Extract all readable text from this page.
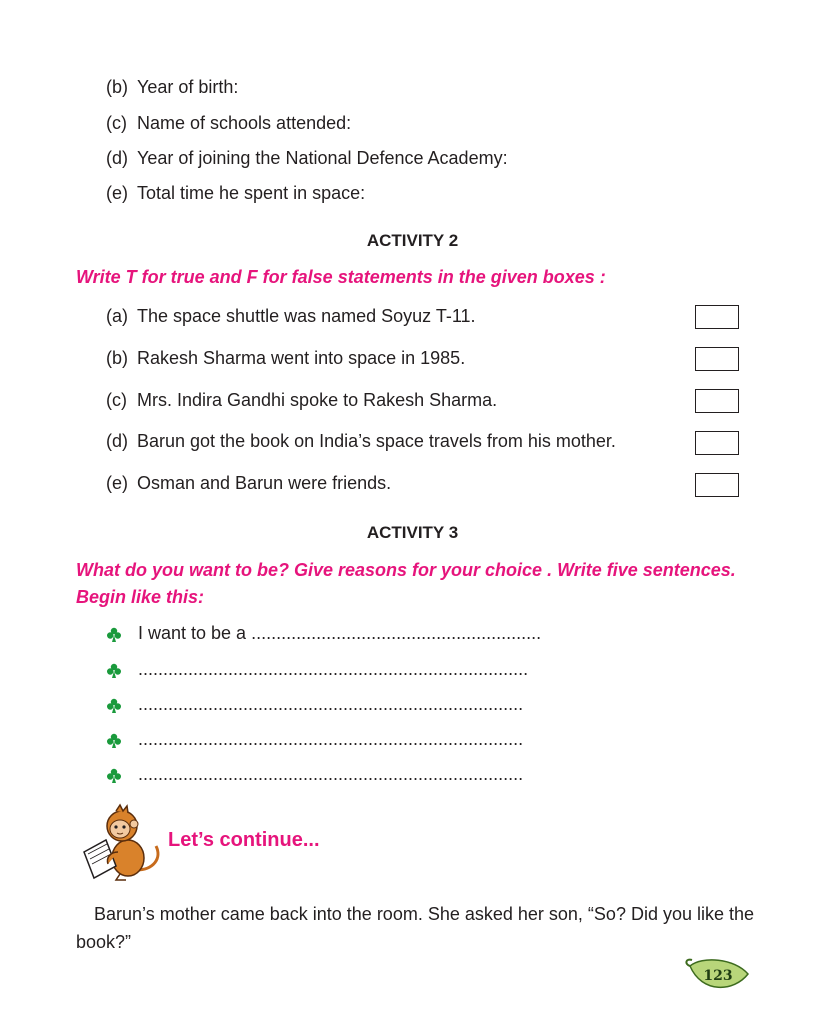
(b) Year of birth:
(c) Name of schools attended:
(d) Year of joining the National Defence Academy:
(e) Total time he spent in space:
ACTIVITY 2
Write T for true and F for false statements in the given boxes :
(a) The space shuttle was named Soyuz T-11.
(b) Rakesh Sharma went into space in 1985.
(c) Mrs. Indira Gandhi spoke to Rakesh Sharma.
(d) Barun got the book on India’s space travels from his mother.
(e) Osman and Barun were friends.
ACTIVITY 3
What do you want to be? Give reasons for your choice . Write five sentences.
Begin like this:
I want to be a ..........................................................
..............................................................................
.............................................................................
.............................................................................
.............................................................................
Let’s continue...
Barun’s mother came back into the room. She asked her son, “So? Did you like the book?”
123
